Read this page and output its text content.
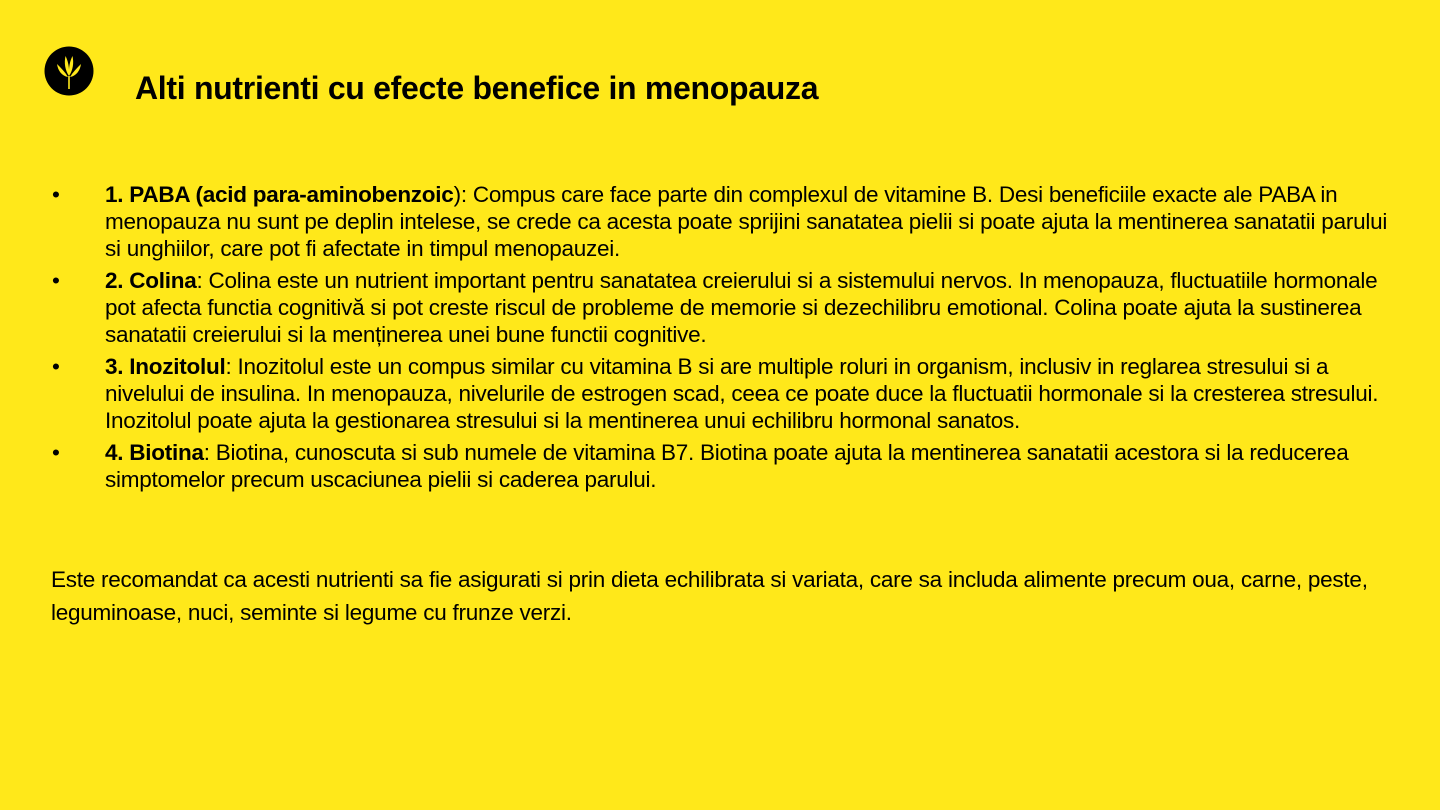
Alti nutrienti cu efecte benefice in menopauza
• 1. PABA (acid para-aminobenzoic): Compus care face parte din complexul de vitamine B. Desi beneficiile exacte ale PABA in menopauza nu sunt pe deplin intelese, se crede ca acesta poate sprijini sanatatea pielii si poate ajuta la mentinerea sanatatii parului si unghiilor, care pot fi afectate in timpul menopauzei.
• 2. Colina: Colina este un nutrient important pentru sanatatea creierului si a sistemului nervos. In menopauza, fluctuatiile hormonale pot afecta functia cognitivă si pot creste riscul de probleme de memorie si dezechilibru emotional. Colina poate ajuta la sustinerea sanatatii creierului si la menținerea unei bune functii cognitive.
• 3. Inozitolul: Inozitolul este un compus similar cu vitamina B si are multiple roluri in organism, inclusiv in reglarea stresului si a nivelului de insulina. In menopauza, nivelurile de estrogen scad, ceea ce poate duce la fluctuatii hormonale si la cresterea stresului. Inozitolul poate ajuta la gestionarea stresului si la mentinerea unui echilibru hormonal sanatos.
• 4. Biotina: Biotina, cunoscuta si sub numele de vitamina B7. Biotina poate ajuta la mentinerea sanatatii acestora si la reducerea simptomelor precum uscaciunea pielii si caderea parului.
Este recomandat ca acesti nutrienti sa fie asigurati si prin dieta echilibrata si variata, care sa includa alimente precum oua, carne, peste, leguminoase, nuci, seminte si legume cu frunze verzi.
